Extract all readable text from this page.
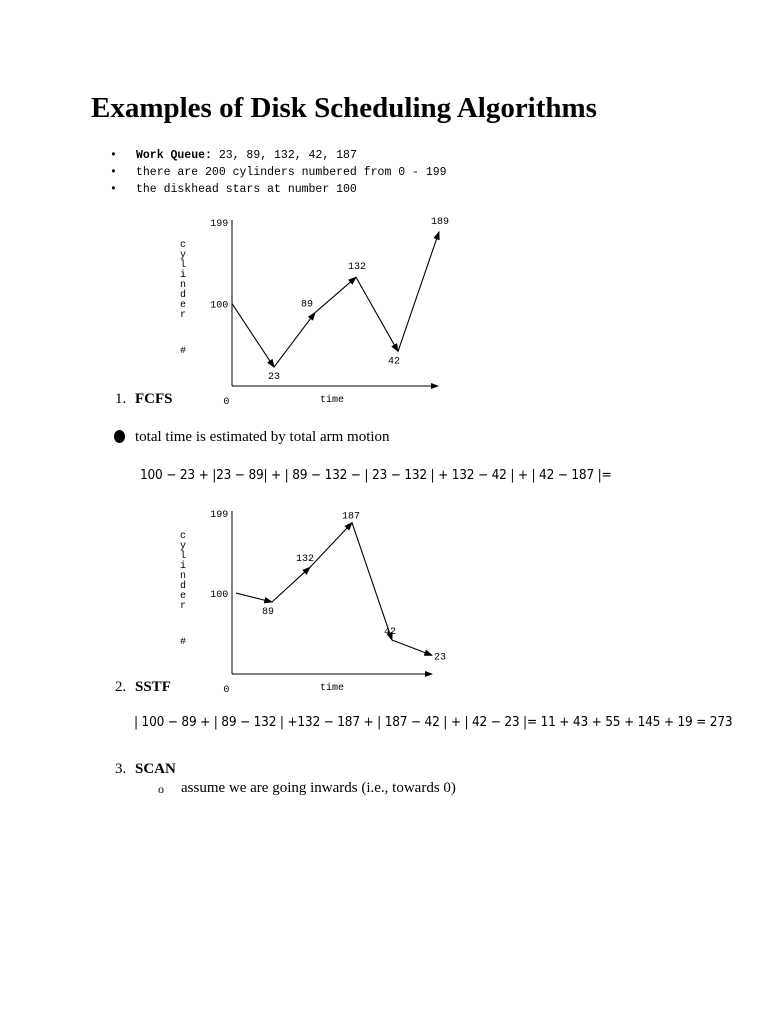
Examples of Disk Scheduling Algorithms
• Work Queue: 23, 89, 132, 42, 187
• there are 200 cylinders numbered from 0 - 199
• the diskhead stars at number 100
199
100
0
c
y
l
i
n
d
e
r
#
time
23
89
132
42
189
1. FCFS
total time is estimated by total arm motion
100 − 23 + |23 − 89| + | 89 − 132 − | 23 − 132 | + 132 − 42 | + | 42 − 187 |=
199
100
0
c
y
l
i
n
d
e
r
#
time
89
132
187
42
23
2. SSTF
| 100 − 89 + | 89 − 132 | +132 − 187 + | 187 − 42 | + | 42 − 23 |= 11 + 43 + 55 + 145 + 19 = 273
3. SCAN
o assume we are going inwards (i.e., towards 0)
